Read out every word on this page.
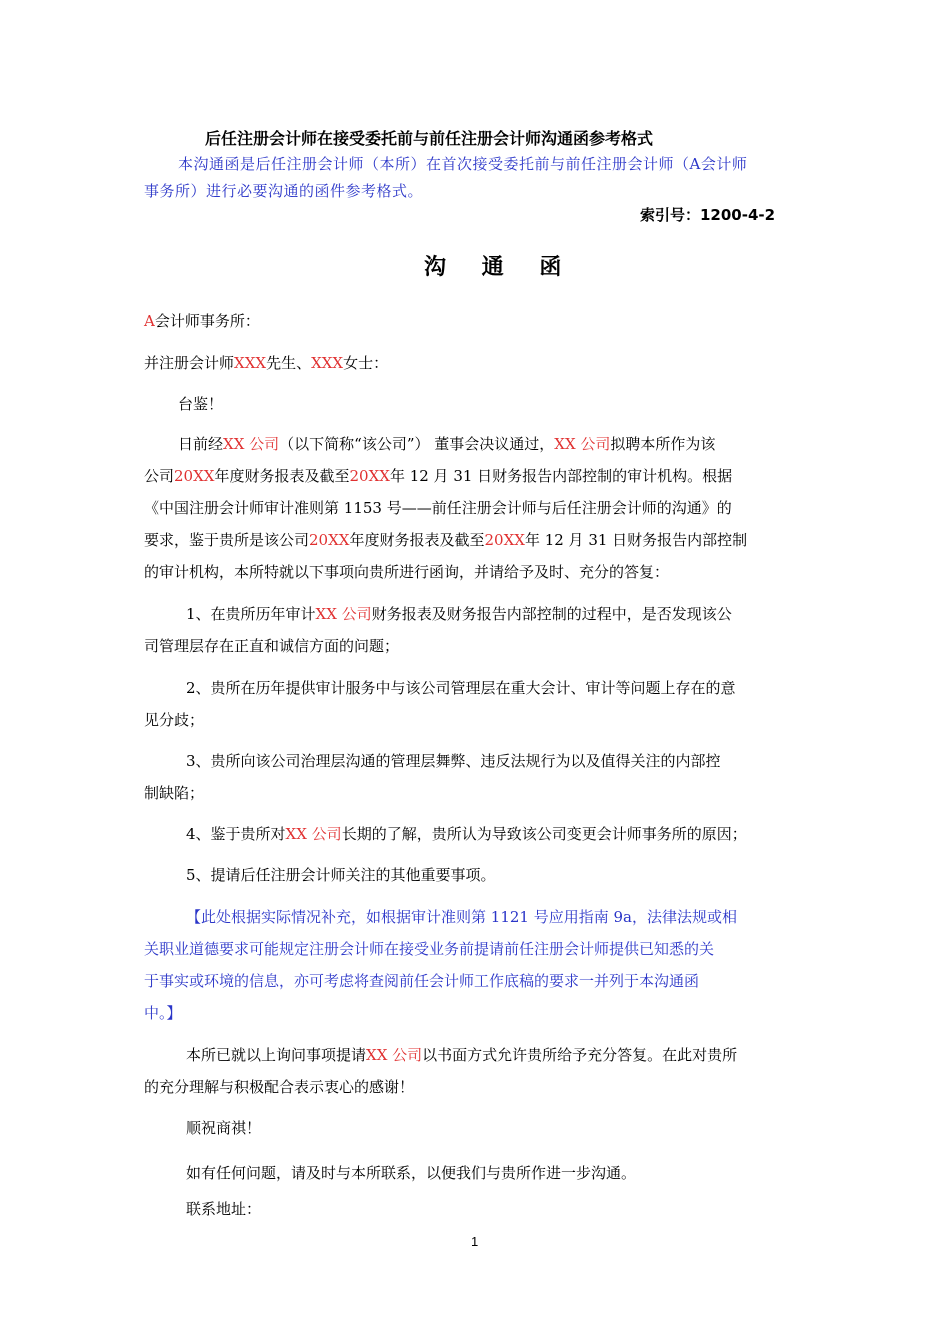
后任注册会计师在接受委托前与前任注册会计师沟通函参考格式
本沟通函是后任注册会计师（本所）在首次接受委托前与前任注册会计师（A会计师
事务所）进行必要沟通的函件参考格式。
索引号：1200-4-2
沟 通 函
A会计师事务所：
并注册会计师XXX先生、XXX女士：
台鉴！
日前经XX 公司（以下简称“该公司”） 董事会决议通过，XX 公司拟聘本所作为该
公司20XX年度财务报表及截至20XX年 12 月 31 日财务报告内部控制的审计机构。根据
《中国注册会计师审计准则第 1153 号——前任注册会计师与后任注册会计师的沟通》的
要求，鉴于贵所是该公司20XX年度财务报表及截至20XX年 12 月 31 日财务报告内部控制
的审计机构，本所特就以下事项向贵所进行函询，并请给予及时、充分的答复：
1、在贵所历年审计XX 公司财务报表及财务报告内部控制的过程中，是否发现该公
司管理层存在正直和诚信方面的问题；
2、贵所在历年提供审计服务中与该公司管理层在重大会计、审计等问题上存在的意
见分歧；
3、贵所向该公司治理层沟通的管理层舞弊、违反法规行为以及值得关注的内部控
制缺陷；
4、鉴于贵所对XX 公司长期的了解，贵所认为导致该公司变更会计师事务所的原因；
5、提请后任注册会计师关注的其他重要事项。
【此处根据实际情况补充，如根据审计准则第 1121 号应用指南 9a，法律法规或相
关职业道德要求可能规定注册会计师在接受业务前提请前任注册会计师提供已知悉的关
于事实或环境的信息，亦可考虑将查阅前任会计师工作底稿的要求一并列于本沟通函
中。】
本所已就以上询问事项提请XX 公司以书面方式允许贵所给予充分答复。在此对贵所
的充分理解与积极配合表示衷心的感谢！
顺祝商祺！
如有任何问题，请及时与本所联系，以便我们与贵所作进一步沟通。
联系地址：
1
